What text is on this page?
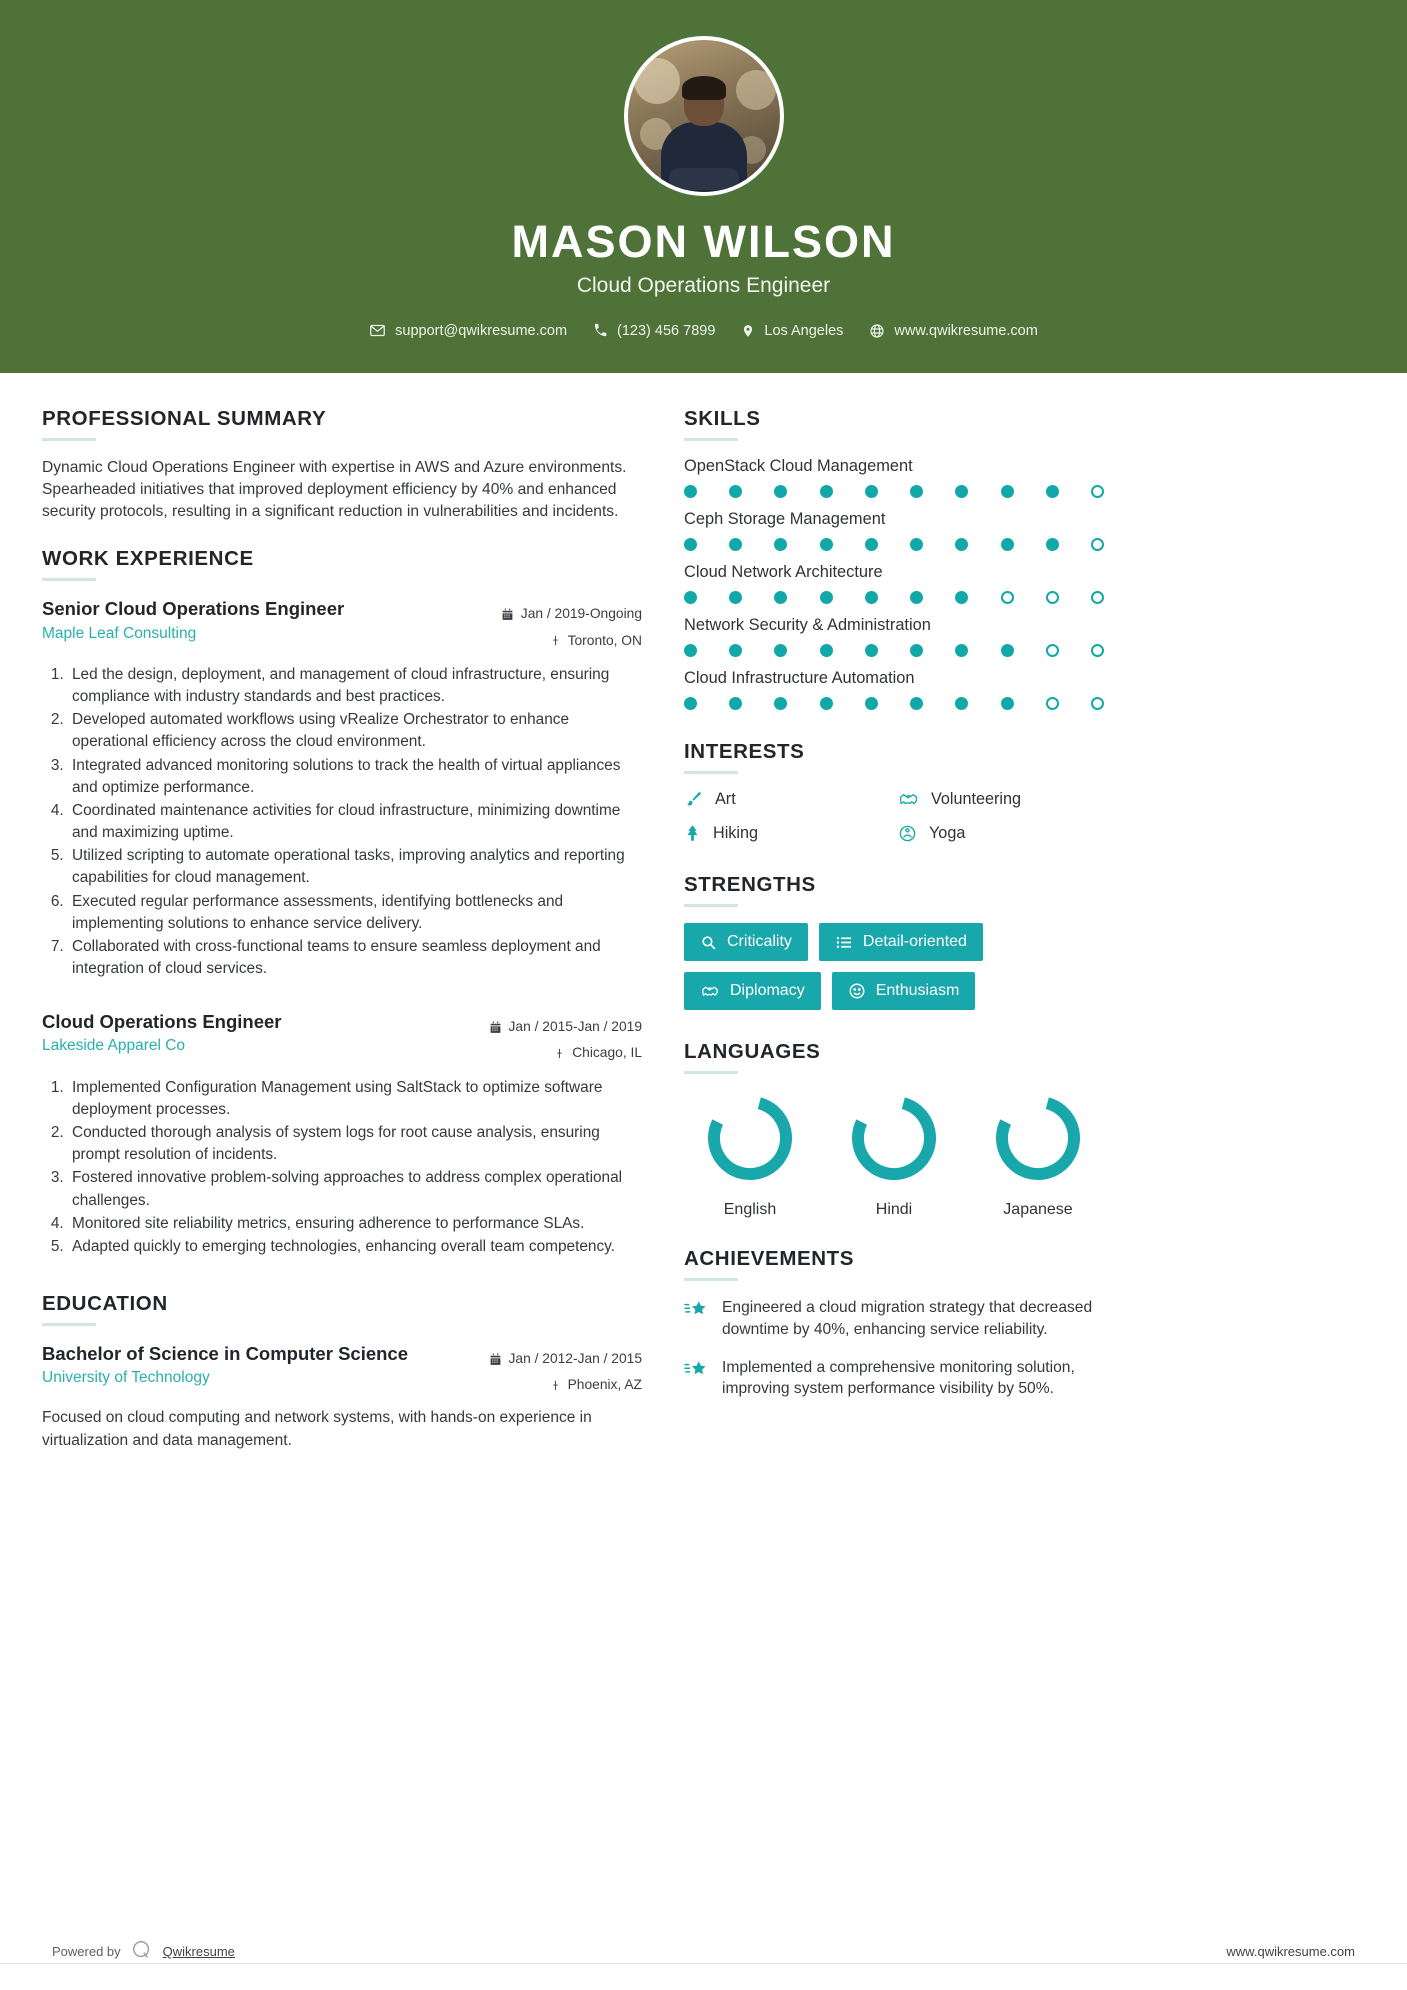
MASON WILSON
Cloud Operations Engineer
support@qwikresume.com	(123) 456 7899	Los Angeles	www.qwikresume.com
PROFESSIONAL SUMMARY
Dynamic Cloud Operations Engineer with expertise in AWS and Azure environments. Spearheaded initiatives that improved deployment efficiency by 40% and enhanced security protocols, resulting in a significant reduction in vulnerabilities and incidents.
WORK EXPERIENCE
Senior Cloud Operations Engineer
Maple Leaf Consulting
Jan / 2019-Ongoing
Toronto, ON
1. Led the design, deployment, and management of cloud infrastructure, ensuring compliance with industry standards and best practices.
2. Developed automated workflows using vRealize Orchestrator to enhance operational efficiency across the cloud environment.
3. Integrated advanced monitoring solutions to track the health of virtual appliances and optimize performance.
4. Coordinated maintenance activities for cloud infrastructure, minimizing downtime and maximizing uptime.
5. Utilized scripting to automate operational tasks, improving analytics and reporting capabilities for cloud management.
6. Executed regular performance assessments, identifying bottlenecks and implementing solutions to enhance service delivery.
7. Collaborated with cross-functional teams to ensure seamless deployment and integration of cloud services.
Cloud Operations Engineer
Lakeside Apparel Co
Jan / 2015-Jan / 2019
Chicago, IL
1. Implemented Configuration Management using SaltStack to optimize software deployment processes.
2. Conducted thorough analysis of system logs for root cause analysis, ensuring prompt resolution of incidents.
3. Fostered innovative problem-solving approaches to address complex operational challenges.
4. Monitored site reliability metrics, ensuring adherence to performance SLAs.
5. Adapted quickly to emerging technologies, enhancing overall team competency.
EDUCATION
Bachelor of Science in Computer Science
University of Technology
Jan / 2012-Jan / 2015
Phoenix, AZ
Focused on cloud computing and network systems, with hands-on experience in virtualization and data management.
SKILLS
OpenStack Cloud Management
Ceph Storage Management
Cloud Network Architecture
Network Security & Administration
Cloud Infrastructure Automation
INTERESTS
Art	Volunteering
Hiking	Yoga
STRENGTHS
Criticality	Detail-oriented
Diplomacy	Enthusiasm
LANGUAGES
English	Hindi	Japanese
ACHIEVEMENTS
Engineered a cloud migration strategy that decreased downtime by 40%, enhancing service reliability.
Implemented a comprehensive monitoring solution, improving system performance visibility by 50%.
Powered by	Qwikresume	www.qwikresume.com
